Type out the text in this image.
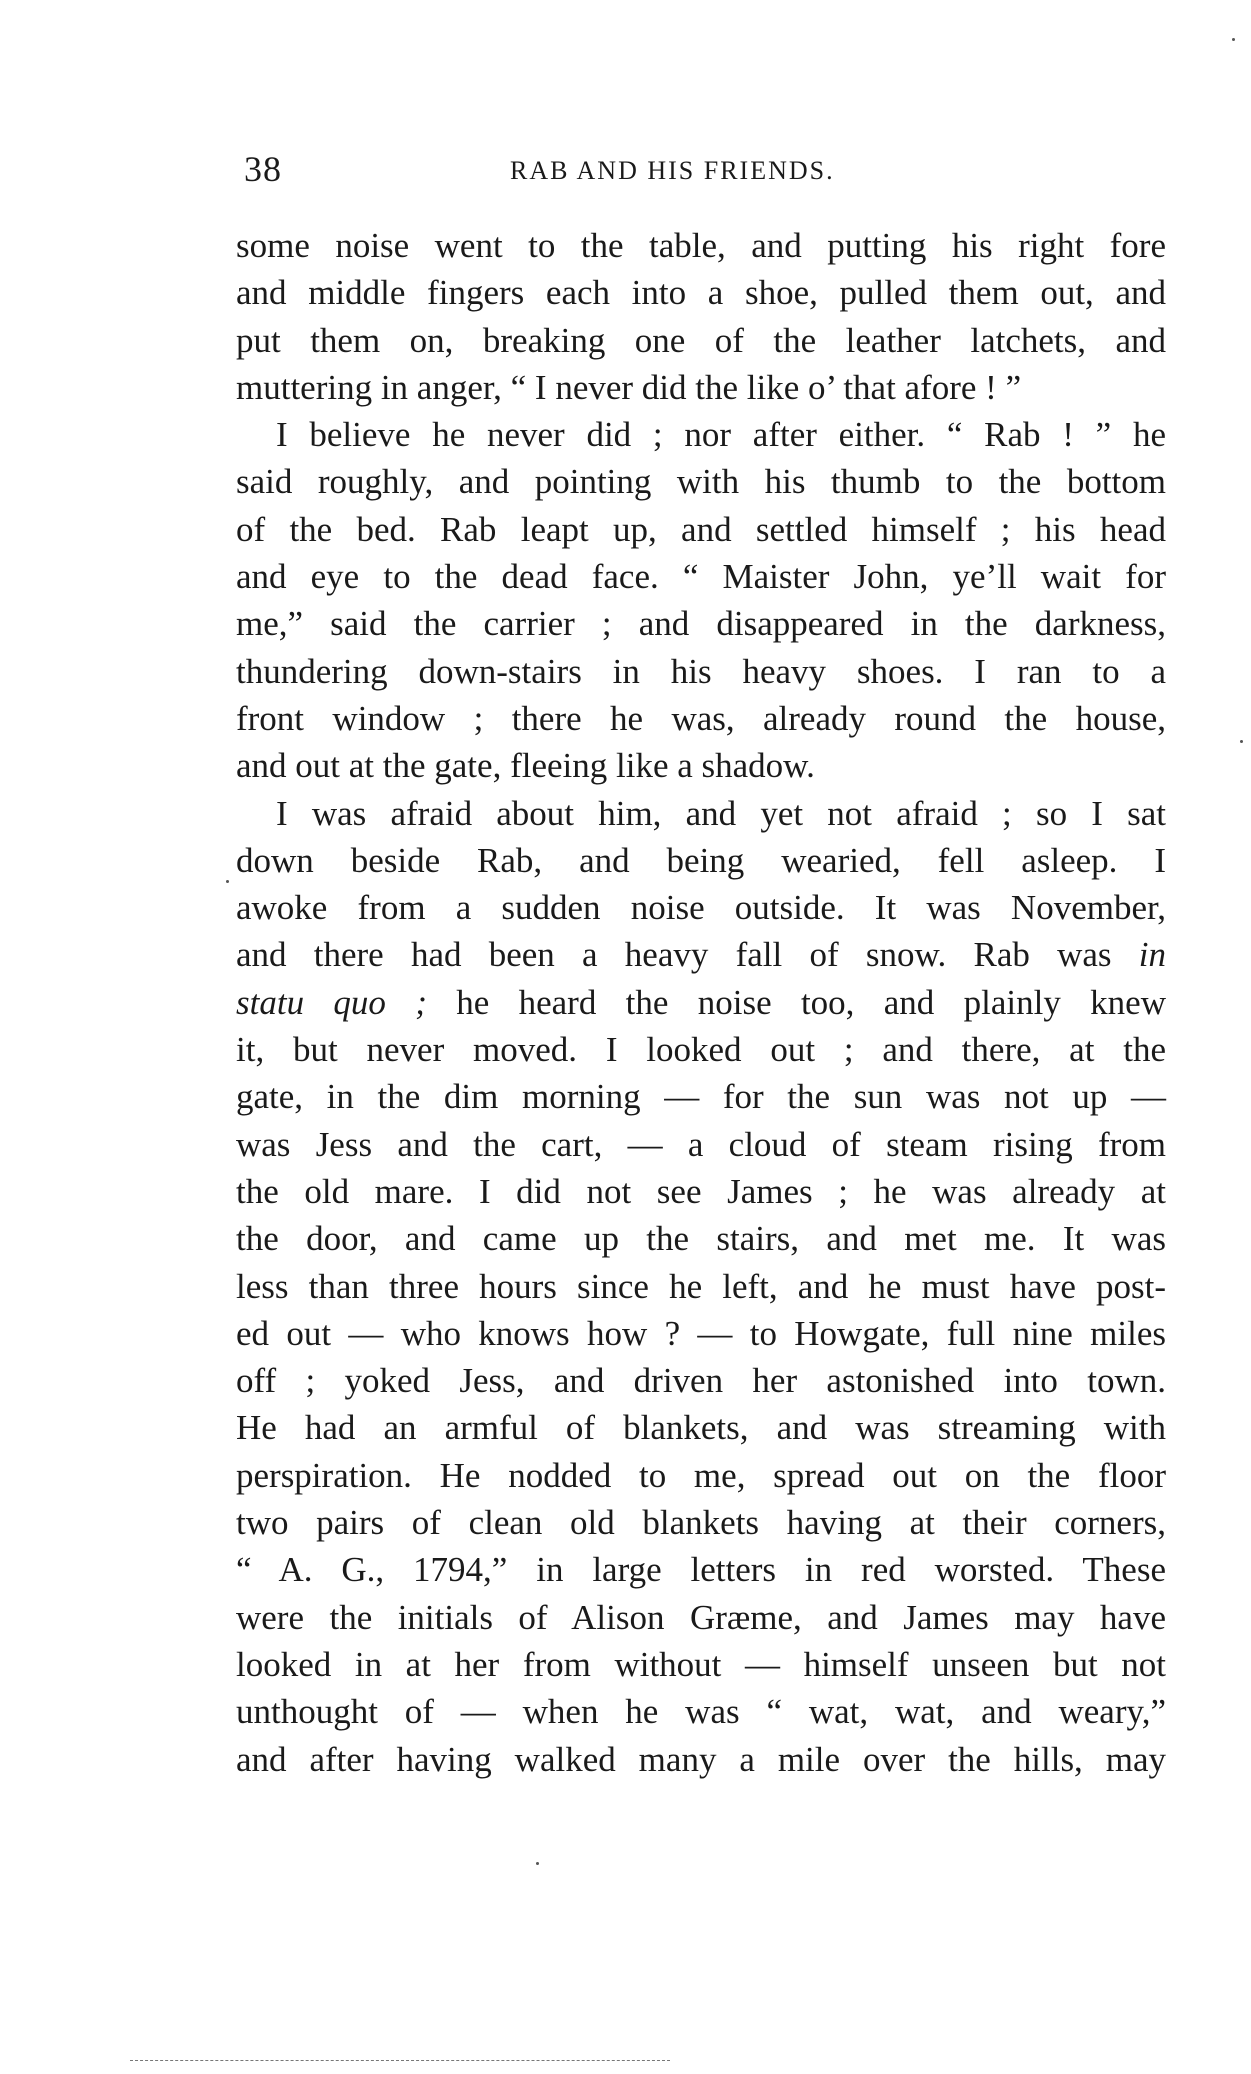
38	RAB AND HIS FRIENDS.
some noise went to the table, and putting his right fore
and middle fingers each into a shoe, pulled them out, and
put them on, breaking one of the leather latchets, and
muttering in anger, “ I never did the like o’ that afore ! ”
I believe he never did ; nor after either. “ Rab ! ” he
said roughly, and pointing with his thumb to the bottom
of the bed. Rab leapt up, and settled himself ; his head
and eye to the dead face. “ Maister John, ye’ll wait for
me,” said the carrier ; and disappeared in the darkness,
thundering down-stairs in his heavy shoes. I ran to a
front window ; there he was, already round the house,
and out at the gate, fleeing like a shadow.
I was afraid about him, and yet not afraid ; so I sat
down beside Rab, and being wearied, fell asleep. I
awoke from a sudden noise outside. It was November,
and there had been a heavy fall of snow. Rab was in
statu quo ; he heard the noise too, and plainly knew
it, but never moved. I looked out ; and there, at the
gate, in the dim morning — for the sun was not up —
was Jess and the cart, — a cloud of steam rising from
the old mare. I did not see James ; he was already at
the door, and came up the stairs, and met me. It was
less than three hours since he left, and he must have post-
ed out — who knows how ? — to Howgate, full nine miles
off ; yoked Jess, and driven her astonished into town.
He had an armful of blankets, and was streaming with
perspiration. He nodded to me, spread out on the floor
two pairs of clean old blankets having at their corners,
“ A. G., 1794,” in large letters in red worsted. These
were the initials of Alison Græme, and James may have
looked in at her from without — himself unseen but not
unthought of — when he was “ wat, wat, and weary,”
and after having walked many a mile over the hills, may
